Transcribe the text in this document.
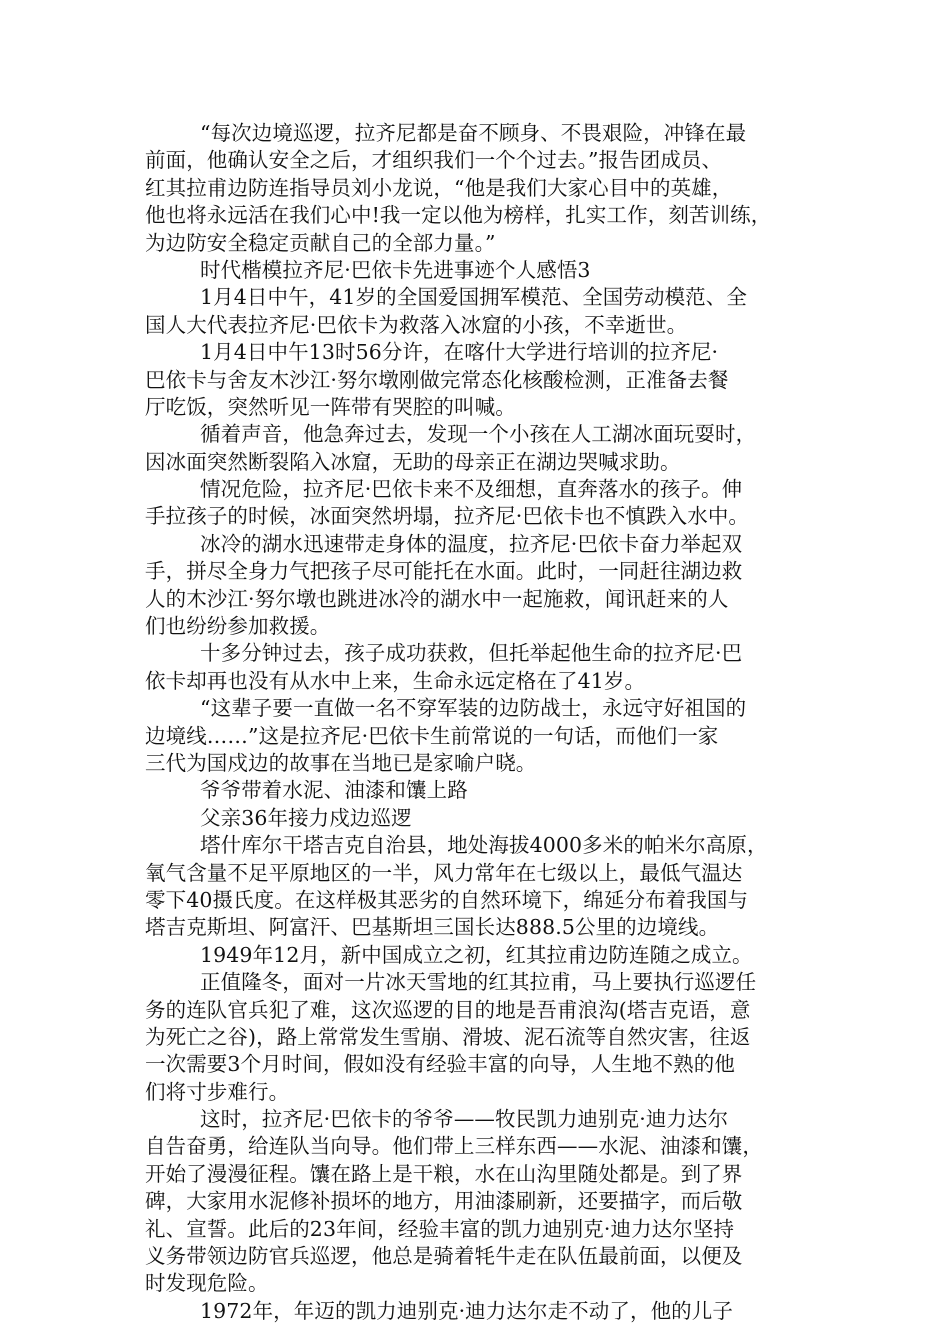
“每次边境巡逻，拉齐尼都是奋不顾身、不畏艰险，冲锋在最
前面，他确认安全之后，才组织我们一个个过去。”报告团成员、
红其拉甫边防连指导员刘小龙说，“他是我们大家心目中的英雄，
他也将永远活在我们心中!我一定以他为榜样，扎实工作，刻苦训练，
为边防安全稳定贡献自己的全部力量。”
时代楷模拉齐尼·巴依卡先进事迹个人感悟3
1月4日中午，41岁的全国爱国拥军模范、全国劳动模范、全
国人大代表拉齐尼·巴依卡为救落入冰窟的小孩，不幸逝世。
1月4日中午13时56分许，在喀什大学进行培训的拉齐尼·
巴依卡与舍友木沙江·努尔墩刚做完常态化核酸检测，正准备去餐
厅吃饭，突然听见一阵带有哭腔的叫喊。
循着声音，他急奔过去，发现一个小孩在人工湖冰面玩耍时，
因冰面突然断裂陷入冰窟，无助的母亲正在湖边哭喊求助。
情况危险，拉齐尼·巴依卡来不及细想，直奔落水的孩子。伸
手拉孩子的时候，冰面突然坍塌，拉齐尼·巴依卡也不慎跌入水中。
冰冷的湖水迅速带走身体的温度，拉齐尼·巴依卡奋力举起双
手，拼尽全身力气把孩子尽可能托在水面。此时，一同赶往湖边救
人的木沙江·努尔墩也跳进冰冷的湖水中一起施救，闻讯赶来的人
们也纷纷参加救援。
十多分钟过去，孩子成功获救，但托举起他生命的拉齐尼·巴
依卡却再也没有从水中上来，生命永远定格在了41岁。
“这辈子要一直做一名不穿军装的边防战士，永远守好祖国的
边境线……”这是拉齐尼·巴依卡生前常说的一句话，而他们一家
三代为国戍边的故事在当地已是家喻户晓。
爷爷带着水泥、油漆和馕上路
父亲36年接力戍边巡逻
塔什库尔干塔吉克自治县，地处海拔4000多米的帕米尔高原，
氧气含量不足平原地区的一半，风力常年在七级以上，最低气温达
零下40摄氏度。在这样极其恶劣的自然环境下，绵延分布着我国与
塔吉克斯坦、阿富汗、巴基斯坦三国长达888.5公里的边境线。
1949年12月，新中国成立之初，红其拉甫边防连随之成立。
正值隆冬，面对一片冰天雪地的红其拉甫，马上要执行巡逻任
务的连队官兵犯了难，这次巡逻的目的地是吾甫浪沟(塔吉克语，意
为死亡之谷)，路上常常发生雪崩、滑坡、泥石流等自然灾害，往返
一次需要3个月时间，假如没有经验丰富的向导，人生地不熟的他
们将寸步难行。
这时，拉齐尼·巴依卡的爷爷——牧民凯力迪别克·迪力达尔
自告奋勇，给连队当向导。他们带上三样东西——水泥、油漆和馕，
开始了漫漫征程。馕在路上是干粮，水在山沟里随处都是。到了界
碑，大家用水泥修补损坏的地方，用油漆刷新，还要描字，而后敬
礼、宣誓。此后的23年间，经验丰富的凯力迪别克·迪力达尔坚持
义务带领边防官兵巡逻，他总是骑着牦牛走在队伍最前面，以便及
时发现危险。
1972年，年迈的凯力迪别克·迪力达尔走不动了，他的儿子
